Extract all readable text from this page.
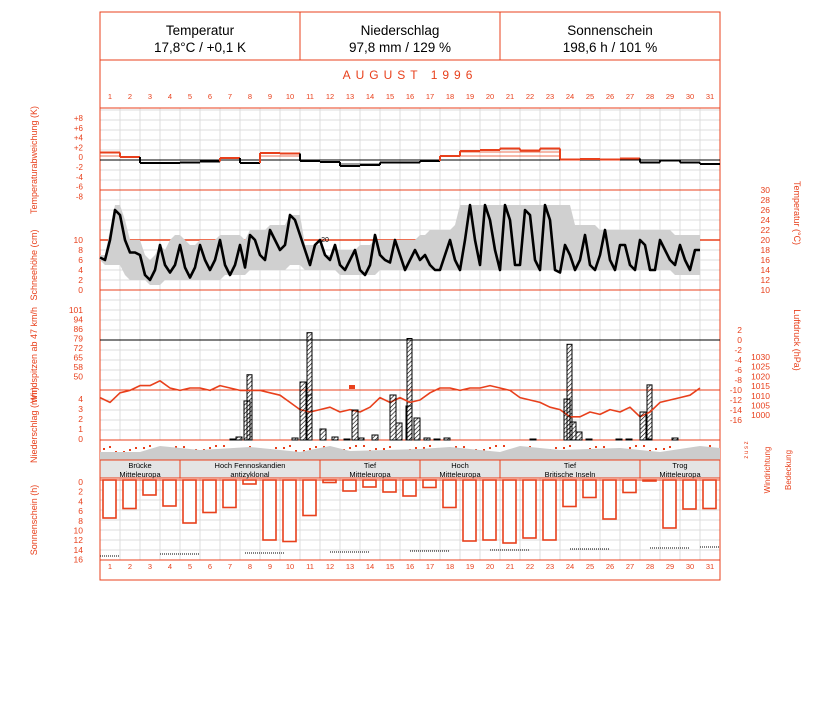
Temperatur
17,8°C / +0,1 K
Niederschlag
97,8 mm / 129 %
Sonnenschein
198,6 h / 101 %
AUGUST 1996
1
1
2
2
3
3
4
4
5
5
6
6
7
7
8
8
9
9
10
10
11
11
12
12
13
13
14
14
15
15
16
16
17
17
18
18
19
19
20
20
21
21
22
22
23
23
24
24
25
25
26
26
27
27
28
28
29
29
30
30
31
31
+8
+6
+4
+2
0
-2
-4
-6
-8
Temperaturabweichung (K)	30
28
26
24
22
20
18
16
14
12
10
10
8
6
4
2
0
Temperatur (°C)
Schneehöhe (cm)	20
101
94
86
79
72
65
58
50
Windspitzen ab 47 km/h	1030
1025
1020
1015
1010
1005
1000
2
0
-2
-4
-6
-8
-10
-12
-14
-16
Luftdruck (hPa)
4
3
2
1
0
Niederschlag (mm)	z u s z Windrichtung Bedeckung
Brücke
Mitteleuropa
Hoch Fennoskandien
antizyklonal
Tief
Mitteleuropa
Hoch
Mitteleuropa
Tief
Britische Inseln
Trog
Mitteleuropa
0
2
4
6
8
10
12
14
16
Sonnenschein (h)
